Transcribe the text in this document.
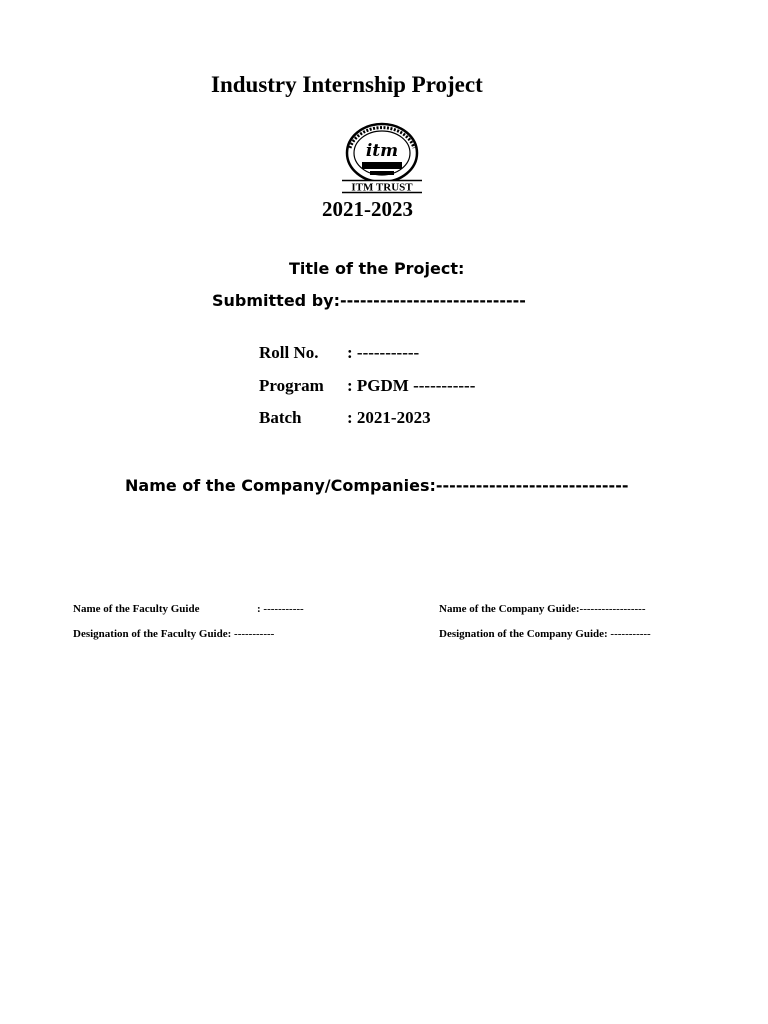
Industry Internship Project
itm
ITM TRUST
2021-2023
Title of the Project:
Submitted by:----------------------------
Roll No. : -----------
Program : PGDM -----------
Batch	: 2021-2023
Name of the Company/Companies:-----------------------------
Name of the Faculty Guide	: -----------
Designation of the Faculty Guide: -----------
Name of the Company Guide:------------------
Designation of the Company Guide: -----------
